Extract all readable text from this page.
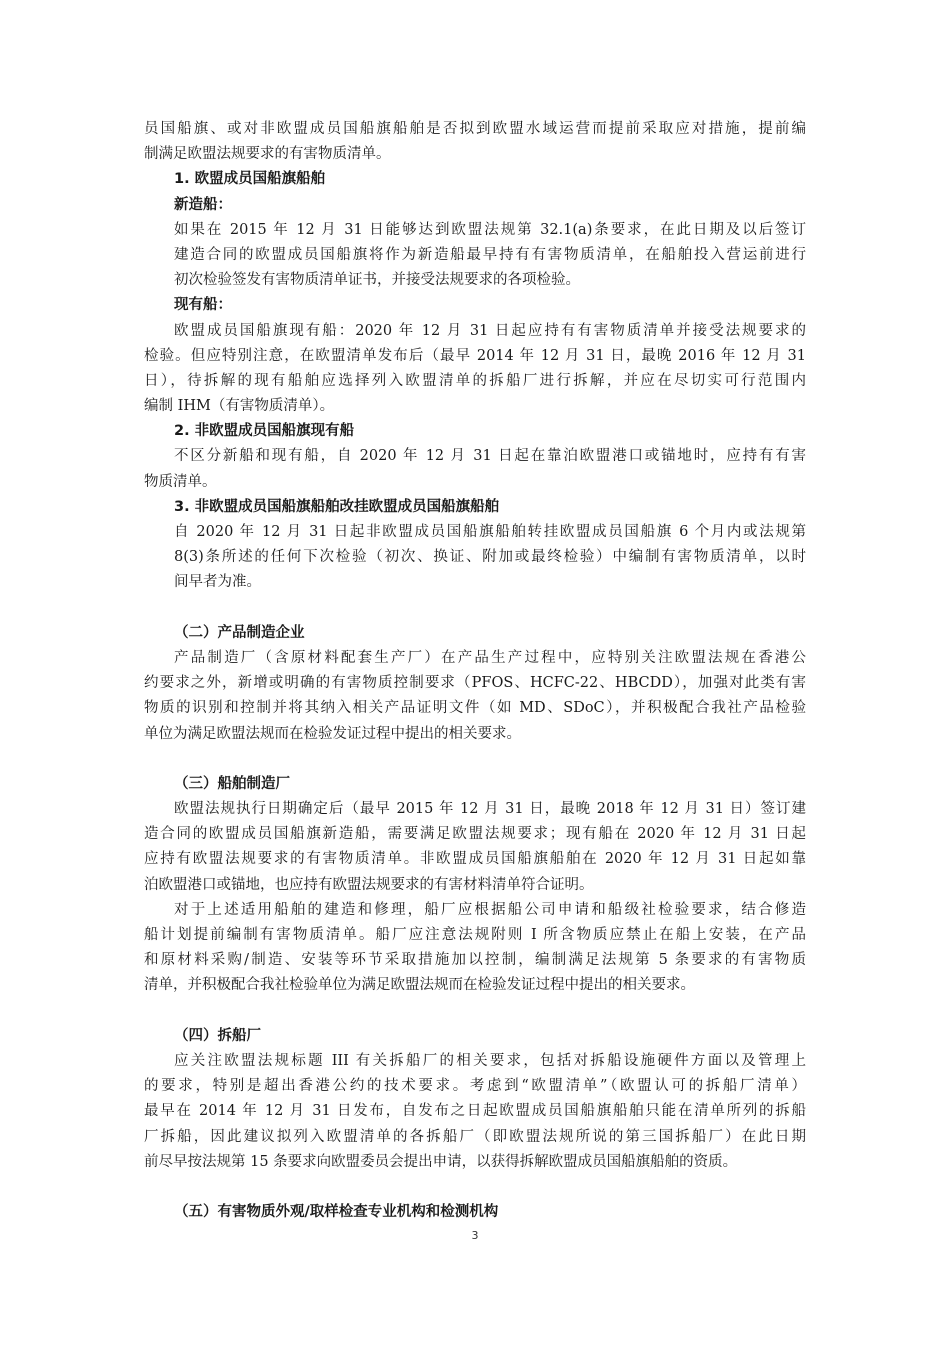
员国船旗、或对非欧盟成员国船旗船舶是否拟到欧盟水域运营而提前采取应对措施，提前编
制满足欧盟法规要求的有害物质清单。
1. 欧盟成员国船旗船舶
新造船：
如果在 2015 年 12 月 31 日能够达到欧盟法规第 32.1(a)条要求，在此日期及以后签订
建造合同的欧盟成员国船旗将作为新造船最早持有有害物质清单，在船舶投入营运前进行
初次检验签发有害物质清单证书，并接受法规要求的各项检验。
现有船：
欧盟成员国船旗现有船：2020 年 12 月 31 日起应持有有害物质清单并接受法规要求的
检验。但应特别注意，在欧盟清单发布后（最早 2014 年 12 月 31 日，最晚 2016 年 12 月 31
日），待拆解的现有船舶应选择列入欧盟清单的拆船厂进行拆解，并应在尽切实可行范围内
编制 IHM（有害物质清单）。
2. 非欧盟成员国船旗现有船
不区分新船和现有船，自 2020 年 12 月 31 日起在靠泊欧盟港口或锚地时，应持有有害
物质清单。
3. 非欧盟成员国船旗船舶改挂欧盟成员国船旗船舶
自 2020 年 12 月 31 日起非欧盟成员国船旗船舶转挂欧盟成员国船旗 6 个月内或法规第
8(3)条所述的任何下次检验（初次、换证、附加或最终检验）中编制有害物质清单，以时
间早者为准。
（二）产品制造企业
产品制造厂（含原材料配套生产厂）在产品生产过程中，应特别关注欧盟法规在香港公
约要求之外，新增或明确的有害物质控制要求（PFOS、HCFC-22、HBCDD），加强对此类有害
物质的识别和控制并将其纳入相关产品证明文件（如 MD、SDoC），并积极配合我社产品检验
单位为满足欧盟法规而在检验发证过程中提出的相关要求。
（三）船舶制造厂
欧盟法规执行日期确定后（最早 2015 年 12 月 31 日，最晚 2018 年 12 月 31 日）签订建
造合同的欧盟成员国船旗新造船，需要满足欧盟法规要求；现有船在 2020 年 12 月 31 日起
应持有欧盟法规要求的有害物质清单。非欧盟成员国船旗船舶在 2020 年 12 月 31 日起如靠
泊欧盟港口或锚地，也应持有欧盟法规要求的有害材料清单符合证明。
对于上述适用船舶的建造和修理，船厂应根据船公司申请和船级社检验要求，结合修造
船计划提前编制有害物质清单。船厂应注意法规附则 I 所含物质应禁止在船上安装，在产品
和原材料采购/制造、安装等环节采取措施加以控制，编制满足法规第 5 条要求的有害物质
清单，并积极配合我社检验单位为满足欧盟法规而在检验发证过程中提出的相关要求。
（四）拆船厂
应关注欧盟法规标题 III 有关拆船厂的相关要求，包括对拆船设施硬件方面以及管理上
的要求，特别是超出香港公约的技术要求。考虑到“欧盟清单”（欧盟认可的拆船厂清单）
最早在 2014 年 12 月 31 日发布，自发布之日起欧盟成员国船旗船舶只能在清单所列的拆船
厂拆船，因此建议拟列入欧盟清单的各拆船厂（即欧盟法规所说的第三国拆船厂）在此日期
前尽早按法规第 15 条要求向欧盟委员会提出申请，以获得拆解欧盟成员国船旗船舶的资质。
（五）有害物质外观/取样检查专业机构和检测机构
3
